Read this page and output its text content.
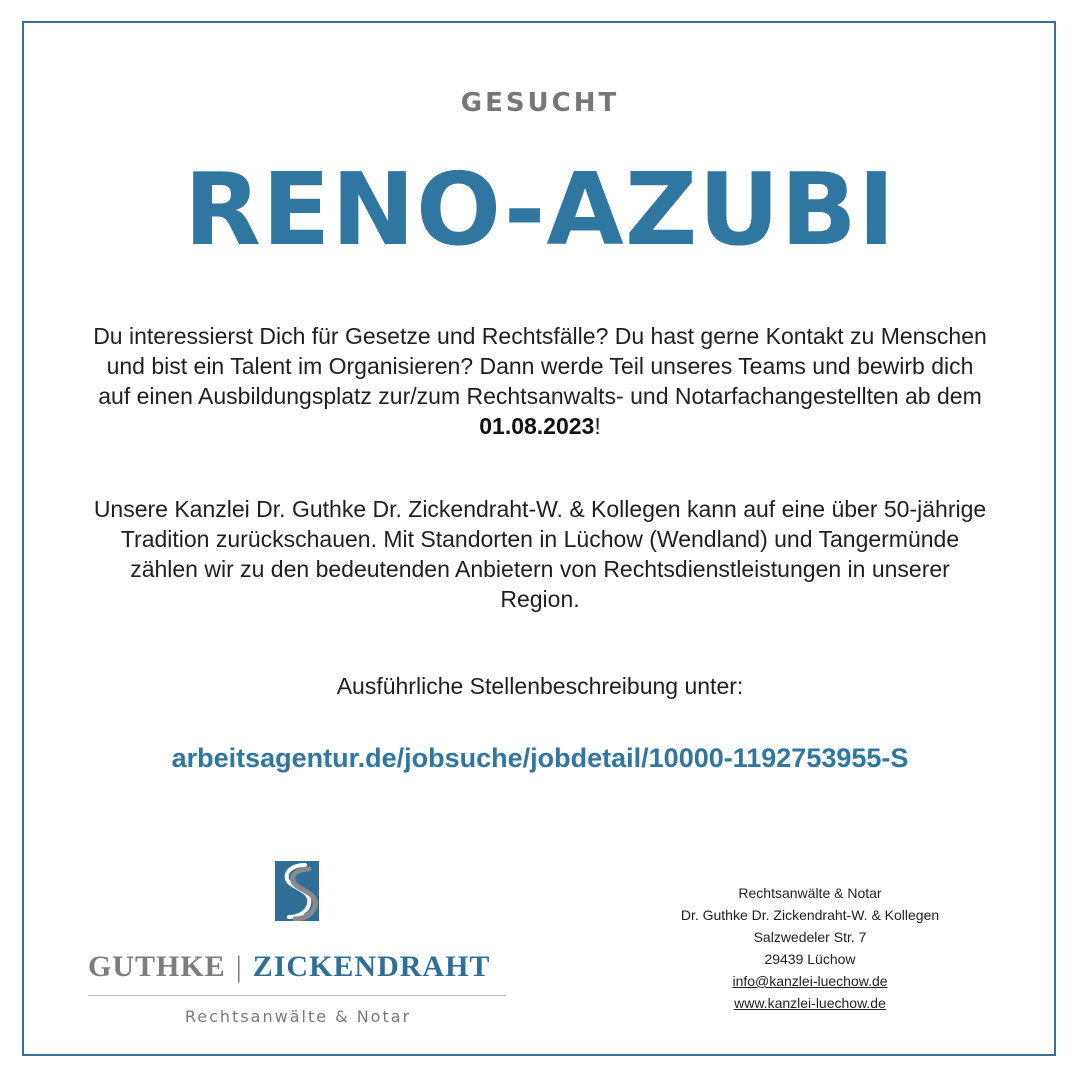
GESUCHT
RENO-AZUBI
Du interessierst Dich für Gesetze und Rechtsfälle? Du hast gerne Kontakt zu Menschen und bist ein Talent im Organisieren? Dann werde Teil unseres Teams und bewirb dich auf einen Ausbildungsplatz zur/zum Rechtsanwalts- und Notarfachangestellten ab dem 01.08.2023!
Unsere Kanzlei Dr. Guthke Dr. Zickendraht-W. & Kollegen kann auf eine über 50-jährige Tradition zurückschauen. Mit Standorten in Lüchow (Wendland) und Tangermünde zählen wir zu den bedeutenden Anbietern von Rechtsdienstleistungen in unserer Region.
Ausführliche Stellenbeschreibung unter:
arbeitsagentur.de/jobsuche/jobdetail/10000-1192753955-S
GUTHKE | ZICKENDRAHT
Rechtsanwälte & Notar
Rechtsanwälte & Notar
Dr. Guthke Dr. Zickendraht-W. & Kollegen
Salzwedeler Str. 7
29439 Lüchow
info@kanzlei-luechow.de
www.kanzlei-luechow.de
